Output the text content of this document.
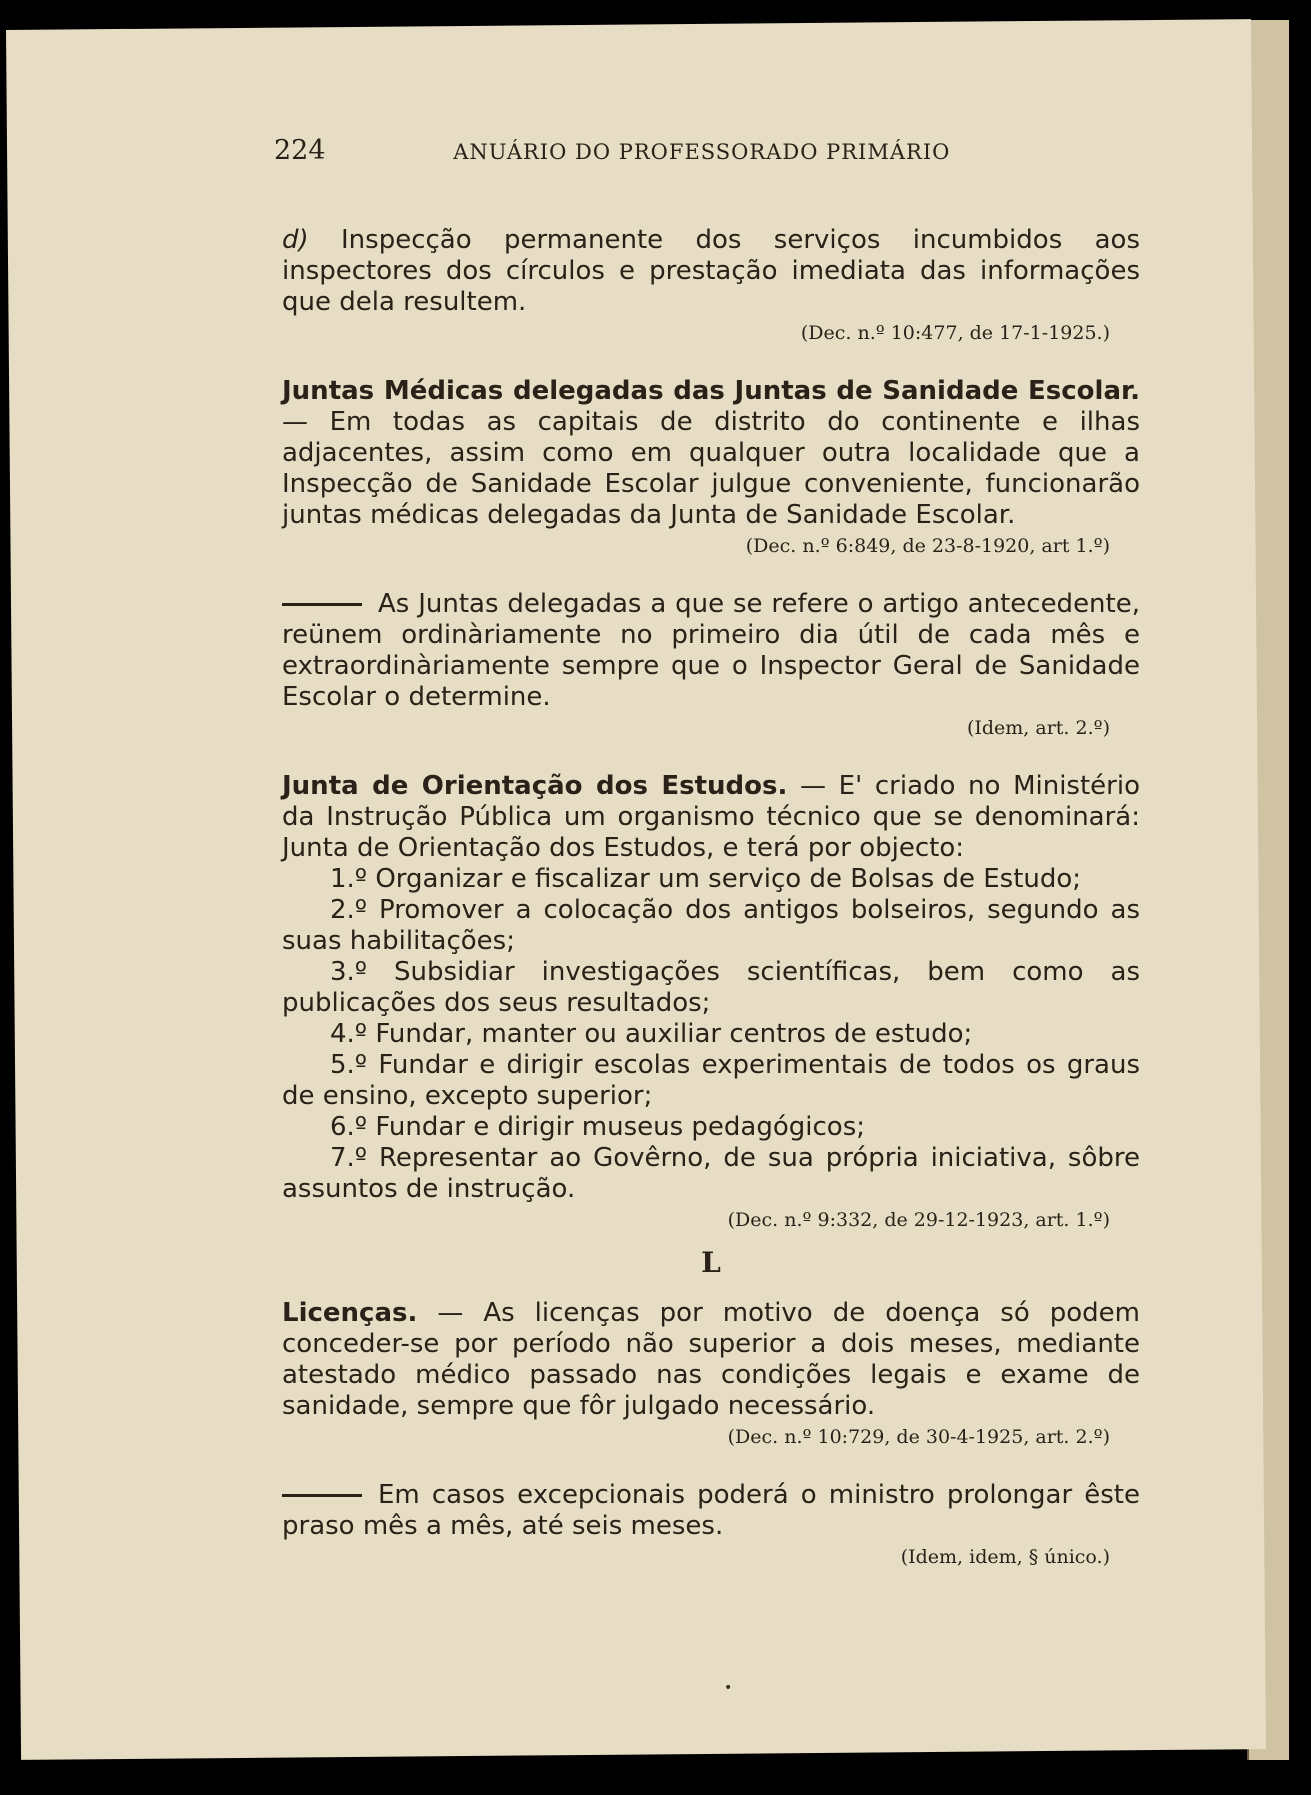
224	ANUÁRIO DO PROFESSORADO PRIMÁRIO

d) Inspecção permanente dos serviços incumbidos aos inspectores dos círculos e prestação imediata das informações que dela resultem.

(Dec. n.º 10:477, de 17-1-1925.)

Juntas Médicas delegadas das Juntas de Sanidade Escolar. — Em todas as capitais de distrito do continente e ilhas adjacentes, assim como em qualquer outra localidade que a Inspecção de Sanidade Escolar julgue conveniente, funcionarão juntas médicas delegadas da Junta de Sanidade Escolar.

(Dec. n.º 6:849, de 23-8-1920, art 1.º)

As Juntas delegadas a que se refere o artigo antecedente, reünem ordinàriamente no primeiro dia útil de cada mês e extraordinàriamente sempre que o Inspector Geral de Sanidade Escolar o determine.

(Idem, art. 2.º)

Junta de Orientação dos Estudos. — E' criado no Ministério da Instrução Pública um organismo técnico que se denominará: Junta de Orientação dos Estudos, e terá por objecto:

1.º Organizar e fiscalizar um serviço de Bolsas de Estudo;

2.º Promover a colocação dos antigos bolseiros, segundo as suas habilitações;

3.º Subsidiar investigações scientíficas, bem como as publicações dos seus resultados;

4.º Fundar, manter ou auxiliar centros de estudo;

5.º Fundar e dirigir escolas experimentais de todos os graus de ensino, excepto superior;

6.º Fundar e dirigir museus pedagógicos;

7.º Representar ao Govêrno, de sua própria iniciativa, sôbre assuntos de instrução.

(Dec. n.º 9:332, de 29-12-1923, art. 1.º)
L

Licenças. — As licenças por motivo de doença só podem conceder-se por período não superior a dois meses, mediante atestado médico passado nas condições legais e exame de sanidade, sempre que fôr julgado necessário.

(Dec. n.º 10:729, de 30-4-1925, art. 2.º)

Em casos excepcionais poderá o ministro prolongar êste praso mês a mês, até seis meses.

(Idem, idem, § único.)
•
